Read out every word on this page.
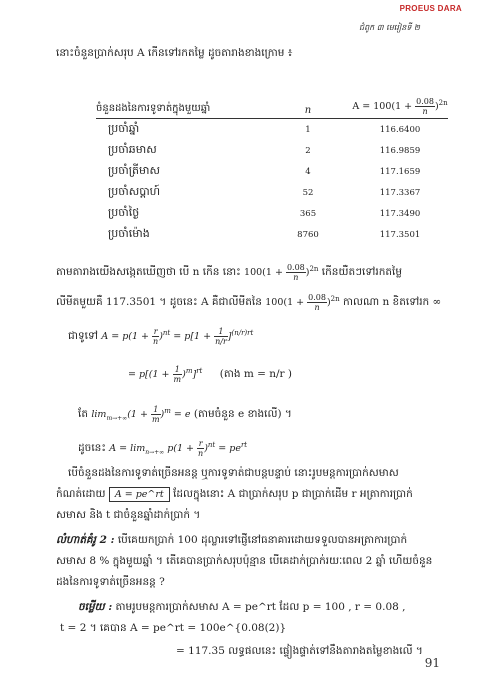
PROEUS DARA
ជំពូក ៣ មេរៀនទី ២
នោះចំនួនប្រាក់សរុប A កើនទៅរកតម្លៃ ដូចតារាងខាងក្រោម ៖
ចំនួនដងនៃការទូទាត់ក្នុងមួយឆ្នាំ	n	$A = 100(1 + \frac{0.08}{n} )^{2n}$
ប្រចាំឆ្នាំ	1	116.6400
ប្រចាំឆមាស	2	116.9859
ប្រចាំត្រីមាស	4	117.1659
ប្រចាំសប្ដាហ៍	52	117.3367
ប្រចាំថ្ងៃ	365	117.3490
ប្រចាំម៉ោង	8760	117.3501
តាមតារាងយើងសង្កេតឃើញថា បើ n កើន នោះ $100(1 + \frac{0.08}{n} )^{2n}$ កើនយឺតៗទៅរកតម្លៃ
លីមីតមួយគឺ 117.3501 ។ ដូចនេះ A គឺជាលីមីតនៃ $100(1 + \frac{0.08}{n} )^{2n}$ កាលណា n ខិតទៅរក ∞
ជាទូទៅ $A = p(1 + \frac{r}{n} )^{nt} = p[1 + \frac{1}{n/r} ]^{(n/r)rt}$
= $p[(1 + \frac{1}{m} )^m]^{rt}$ (តាង m = n/r )
តែ $\lim_{m\to+\infty}(1 + \frac{1}{m} )^m = e$ (តាមចំនួន e ខាងលើ) ។
ដូចនេះ $A = \lim_{n\to+\infty} p(1 + \frac{r}{n} )^{nt} = pe^{rt}$
បើចំនួនដងនៃការទូទាត់ច្រើនអនន្ត ឬការទូទាត់ជាបន្តបន្ទាប់ នោះរូបមន្តការប្រាក់សមាស
កំណត់ដោយ A = pe^rt ដែលក្នុងនោះ A ជាប្រាក់សរុប p ជាប្រាក់ដើម r អត្រាការប្រាក់
សមាស និង t ជាចំនួនឆ្នាំដាក់ប្រាក់ ។
លំហាត់គំរូ 2 : បើគេយកប្រាក់ 100 ដុល្លារទៅផ្ញើនៅធនាគារដោយទទួលបានអត្រាការប្រាក់
សមាស 8 % ក្នុងមួយឆ្នាំ ។ តើគេបានប្រាក់សរុបប៉ុន្មាន បើគេដាក់ប្រាក់រយៈពេល 2 ឆ្នាំ ហើយចំនួន
ដងនៃការទូទាត់ច្រើនអនន្ត ?
ចម្លើយ : តាមរូបមន្តការប្រាក់សមាស A = pe^rt ដែល p = 100 , r = 0.08 ,
t = 2 ។ គេបាន A = pe^rt = 100e^{0.08(2)}
= 117.35 លទ្ធផលនេះ ផ្ទៀងផ្ទាត់ទៅនឹងតារាងតម្លៃខាងលើ ។
91
